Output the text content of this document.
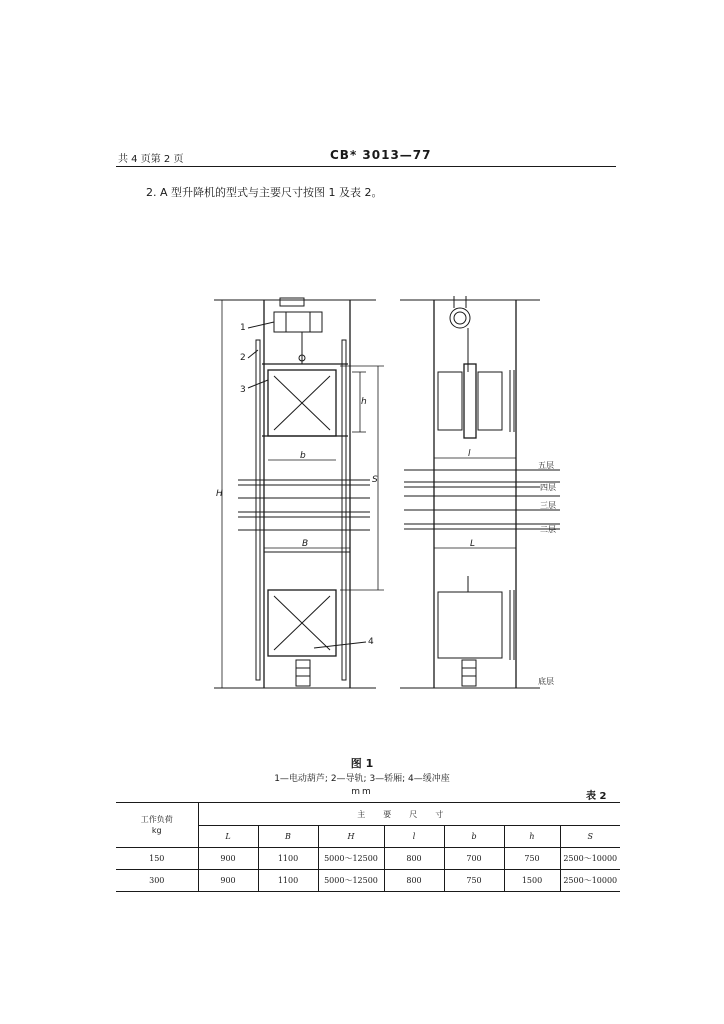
共 4 页第 2 页	CB* 3013—77
2. A 型升降机的型式与主要尺寸按图 1 及表 2。
1
2
3
4
H
S
h
b
B
l
L
五层
四层
三层
二层
底层
图 1
1—电动葫芦; 2—导轨; 3—轿厢; 4—缓冲座
mm	表 2
工作负荷
kg	主要尺寸						
	L	B	H	l	b	h	S
150	900	1100	5000～12500	800	700	750	2500～10000
300	900	1100	5000～12500	800	750	1500	2500～10000
